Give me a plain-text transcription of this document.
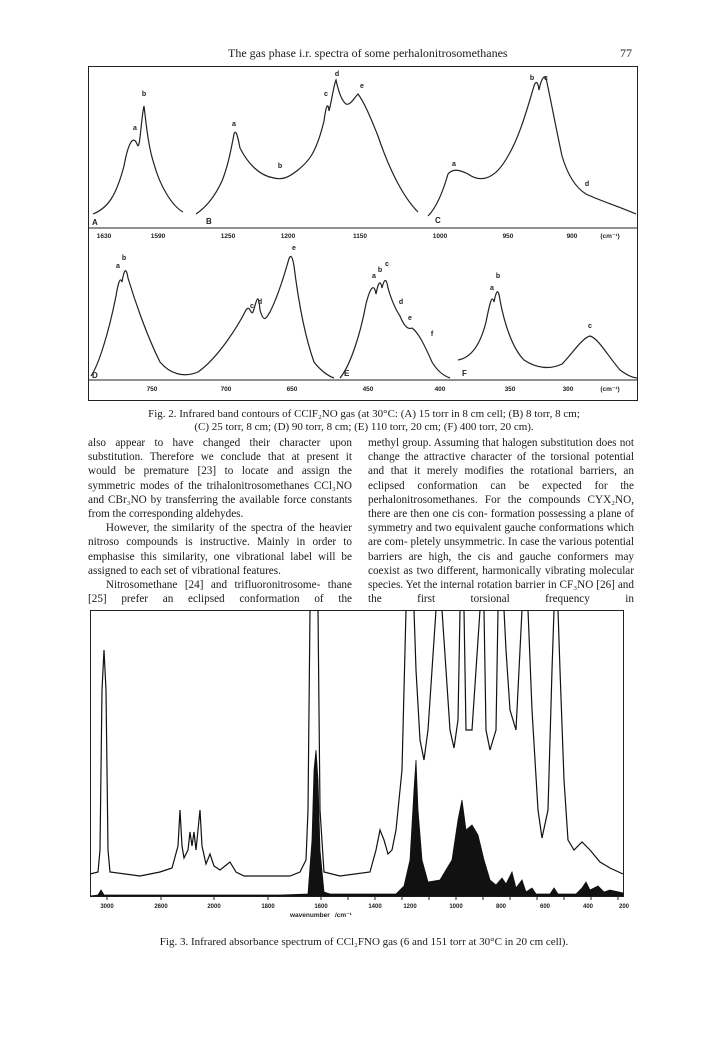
The gas phase i.r. spectra of some perhalonitrosomethanes	77
A	B	C
D	E	F
a
b
a
b
c
d
e
a
b c
d
a
b
c
d
e
a
b
c
d
e
f
a
b
c
1630	1590	1250	1200	1150	1000	950	900	(cm⁻¹)
750	700	650	450	400	350	300	(cm⁻¹)
Fig. 2. Infrared band contours of CClF₂NO gas (at 30°C: (A) 15 torr in 8 cm cell; (B) 8 torr, 8 cm;
(C) 25 torr, 8 cm; (D) 90 torr, 8 cm; (E) 110 torr, 20 cm; (F) 400 torr, 20 cm).

also appear to have changed their character upon substitution. Therefore we conclude that at present it would be premature [23] to locate and assign the symmetric modes of the trihalonitrosomethanes CCl₃NO and CBr₃NO by transferring the available force constants from the corresponding aldehydes.

However, the similarity of the spectra of the heavier nitroso compounds is instructive. Mainly in order to emphasise this similarity, one vibrational label will be assigned to each set of vibrational features.

Nitrosomethane [24] and trifluoronitrosome- thane [25] prefer an eclipsed conformation of the

methyl group. Assuming that halogen substitution does not change the attractive character of the torsional potential and that it merely modifies the rotational barriers, an eclipsed conformation can be expected for the perhalonitrosomethanes. For the compounds CYX₂NO, there are then one cis con- formation possessing a plane of symmetry and two equivalent gauche conformations which are com- pletely unsymmetric. In case the various potential barriers are high, the cis and gauche conformers may coexist as two different, harmonically vibrating molecular species. Yet the internal rotation barrier in CF₃NO [26] and the first torsional frequency in

3000	2600	2000	1800	1600	1400	1200	1000	800	600	400	200
wavenumber /cm⁻¹
Fig. 3. Infrared absorbance spectrum of CCl₂FNO gas (6 and 151 torr at 30°C in 20 cm cell).
